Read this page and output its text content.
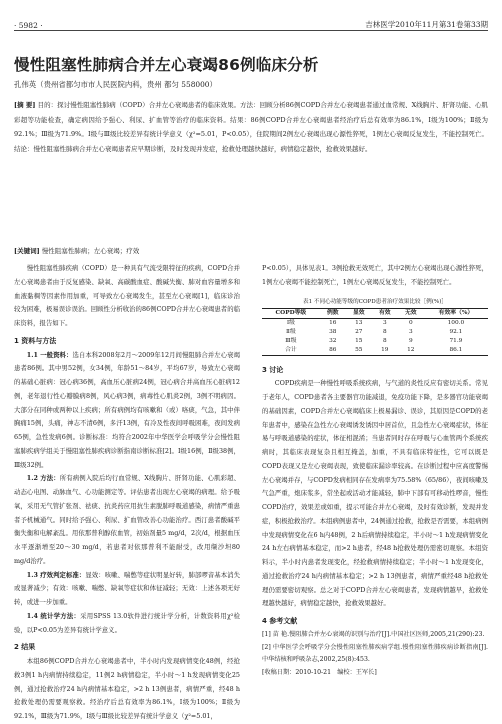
· 5982 ·	吉林医学2010年11月第31卷第33期
慢性阻塞性肺病合并左心衰竭86例临床分析
孔伟英（贵州省都匀市市人民医院内科，贵州 都匀 558000）
[摘 要] 目的：探讨慢性阻塞性肺病（COPD）合并左心衰竭患者的临床效果。方法：回顾分析86例COPD合并左心衰竭患者通过血常规、X线胸片、肝肾功能、心肌彩超等功能检查，确定病因给予强心、利尿、扩血管等治疗的临床资料。结果：86例COPD合并左心衰竭患者经治疗后总有效率为86.1%，Ⅰ级为100%；Ⅱ级为92.1%；Ⅲ级为71.9%。Ⅰ级与Ⅲ级比较差异有统计学意义（χ²=5.01，P<0.05），住院期间2例左心衰竭出现心源性猝死，1例左心衰竭反复发生，不能控制死亡。结论：慢性阻塞性肺病合并左心衰竭患者应早期诊断，及时发现并发症，抢救处理越快越好，病情稳定越快，抢救效果越好。
[关键词] 慢性阻塞性肺病；左心衰竭；疗效

慢性阻塞性肺疾病（COPD）是一种具有气流受限特征的疾病，COPD合并左心衰竭患者由于反复感染、缺氧、高碳酸血症、酸碱失衡、肺对血容量增多和血液黏稠等因素作用加重，可导致左心衰竭发生，甚至左心衰竭[1]，临床诊治较为困难，极易误诊误治。回顾性分析收治的86例COPD合并左心衰竭患者的临床资料，报告如下。

1 资料与方法

1.1 一般资料：选自本科2008年2月～2009年12月间慢阻肺合并左心衰竭患者86例。其中男52例，女34例，年龄51～84岁，平均67岁，导致左心衰竭的基础心脏病：冠心病36例，高血压心脏病24例，冠心病合并高血压心脏病12例，老年退行性心瓣膜病8例，风心病3例，病毒性心肌炎2例，3例不明病因。大部分在同种或两种以上疾病；所有病例均有咳嗽和（或）咯痰，气急，其中伴胸痛15例，头痛，神志不清6例，多汗13例，有冷及性夜间呼吸困难，夜间发病65例，急性发病6例。诊断标准：均符合2002年中华医学会呼吸学分会慢性阻塞肺疾病学组关于慢阻塞性肺疾病诊断指南诊断标准[2]。Ⅰ级16例，Ⅱ级38例，Ⅲ级32例。

1.2 方法：所有病例入院后均行血常规、X线胸片、肝肾功能、心肌彩超、动态心电图、动脉血气、心功能测定等。评估患者出现左心衰竭的病理。给予吸氧，采用无气管扩张剂、祛痰、抗炎药应用抗生素脱肺呼吸道感染，病情严重患者予机械通气。同时给予强心、利尿、扩血管改善心功能治疗。西汀患者酸碱平衡失衡和电解紊乱。用依那普利醇依血管，初始剂量5 mg/d，2次/d，根据血压水平逐渐增至20～30 mg/d，若患者对依那普利不能耐受，改用缬沙坦80 mg/d治疗。

1.3 疗效判定标准：显效：咳嗽、喘憋等症状明显好转，肺部啰音基本消失或显著减少；有效：咳嗽、喘憋、缺氧等症状和体征减轻；无效：上述各项无好转，或进一步加重。

1.4 统计学方法：采用SPSS 13.0软件进行统计学分析，计数资料用χ²检验，以P<0.05为差异有统计学意义。

2 结果

本组86例COPD合并左心衰竭患者中，半小时内发现病情变化48例，经抢救3例1 h内病情持续稳定，11例2 h病情稳定，半小时～1 h发现病情变化25例，通过抢救治疗24 h内病情基本稳定，>2 h 13例患者，病情严重，经48 h抢救处理仍需要观察救。经治疗后总有效率为86.1%，Ⅰ级为100%；Ⅱ级为92.1%，Ⅲ级为71.9%，Ⅰ级与Ⅲ级比较差异有统计学意义（χ²=5.01，

P<0.05），具体见表1。3例抢救无效死亡，其中2例左心衰竭出现心源性猝死，1例左心衰竭不能控制死亡，1例左心衰竭反复发生，不能控制死亡。

表1 不同心功能等级的COPD患者治疗效果比较［例(%)］
COPD等级	例数	显效	有效	无效	有效率（%）
Ⅰ级	16	13	3	0	100.0
Ⅱ级	38	27	8	3	92.1
Ⅲ级	32	15	8	9	71.9
合计	86	55	19	12	86.1
3 讨论

COPD疾病是一种慢性呼吸系统疾病，与气道的炎性反应有密切关系。常见于老年人，COPD患者各主要器官功能减退，免疫功能下降，是多器官功能衰竭的基础因素，COPD合并左心衰竭临床上极易漏诊、误诊，其原因是COPD的老年患者中，感染在急性左心衰竭诱发诱因中居首位，且急性左心衰竭症状，体征易与呼吸道感染的症状，体征相混淆；当患者同时存在呼吸与心血管两个系统疾病时，其临床表现复杂且相互掩盖，加重，不具有临床特征性，它可以既是COPD表现又是左心衰竭表现，致使临床漏诊率较高。在诊断过程中应高度警惕左心衰竭并存，与COPD发病相同存在发病率为75.58%（65/86），夜间咳嗽及气急严重，炮床浆多，常坐起或活动才能减轻，肺中下部有可移动性啰音，慢性COPD治疗，效果差或如重，提示可能合并左心衰竭，及时有效诊断，发现并发症，积极抢救治疗。本组病例患者中，24例通过抢救，抢救是否需要，本组病例中发现病情变化在6 h内48例，2 h后病情持续稳定，半小时～1 h发现病情变化24 h左右病情基本稳定，而>2 h患者，经48 h抢救处理仍需密切观察。本组资料示，半小时内患者发现变化，经抢救病情持续稳定；半小时～1 h发现变化，通过抢救治疗24 h内病情基本稳定；>2 h 13例患者，病情严重经48 h抢救处理仍需要密切观察。总之对于COPD合并左心衰竭患者，发现病情越早，抢救处理越快越好，病情稳定越快，抢救效果越好。

4 参考文献
[1] 苗 艳.慢阻肺合并左心衰竭的识别与治疗[J].中国社区医师,2005,21(290):23.
[2] 中华医学会呼吸学分会慢性阻塞性肺疾病学组.慢性阻塞性肺疾病诊断指南[J].中华结核和呼吸杂志,2002,25(8):453.
[收稿日期：2010-10-21　编校：王军长]
